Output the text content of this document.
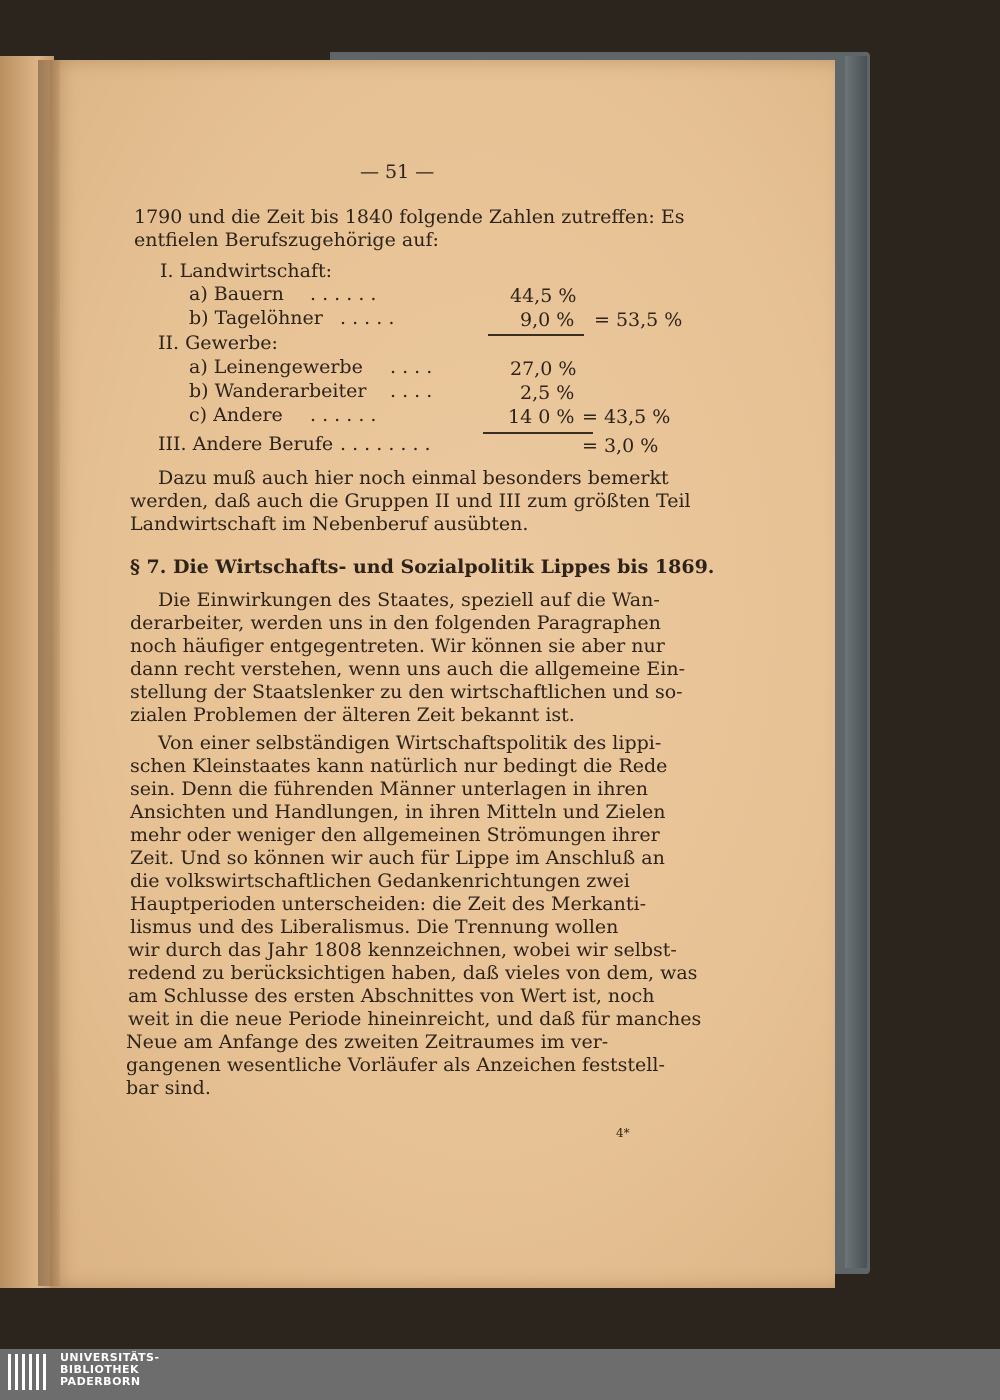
— 51 —
1790 und die Zeit bis 1840 folgende Zahlen zutreffen: Es
entfielen Berufszugehörige auf:
I. Landwirtschaft:
a) Bauern . . . . . .	44,5 %
b) Tagelöhner . . . . .	9,0 % = 53,5 %
II. Gewerbe:
a) Leinengewerbe . . . .	27,0 %
b) Wanderarbeiter . . . .	2,5 %
c) Andere . . . . . .	14 0 % = 43,5 %
III. Andere Berufe . . . . . . . .	= 3,0 %
Dazu muß auch hier noch einmal besonders bemerkt
werden, daß auch die Gruppen II und III zum größten Teil
Landwirtschaft im Nebenberuf ausübten.
§ 7. Die Wirtschafts- und Sozialpolitik Lippes bis 1869.
Die Einwirkungen des Staates, speziell auf die Wan-
derarbeiter, werden uns in den folgenden Paragraphen
noch häufiger entgegentreten. Wir können sie aber nur
dann recht verstehen, wenn uns auch die allgemeine Ein-
stellung der Staatslenker zu den wirtschaftlichen und so-
zialen Problemen der älteren Zeit bekannt ist.
Von einer selbständigen Wirtschaftspolitik des lippi-
schen Kleinstaates kann natürlich nur bedingt die Rede
sein. Denn die führenden Männer unterlagen in ihren
Ansichten und Handlungen, in ihren Mitteln und Zielen
mehr oder weniger den allgemeinen Strömungen ihrer
Zeit. Und so können wir auch für Lippe im Anschluß an
die volkswirtschaftlichen Gedankenrichtungen zwei
Hauptperioden unterscheiden: die Zeit des Merkanti-
lismus und des Liberalismus. Die Trennung wollen
wir durch das Jahr 1808 kennzeichnen, wobei wir selbst-
redend zu berücksichtigen haben, daß vieles von dem, was
am Schlusse des ersten Abschnittes von Wert ist, noch
weit in die neue Periode hineinreicht, und daß für manches
Neue am Anfange des zweiten Zeitraumes im ver-
gangenen wesentliche Vorläufer als Anzeichen feststell-
bar sind.
4*
UNIVERSITÄTS-
BIBLIOTHEK
PADERBORN
